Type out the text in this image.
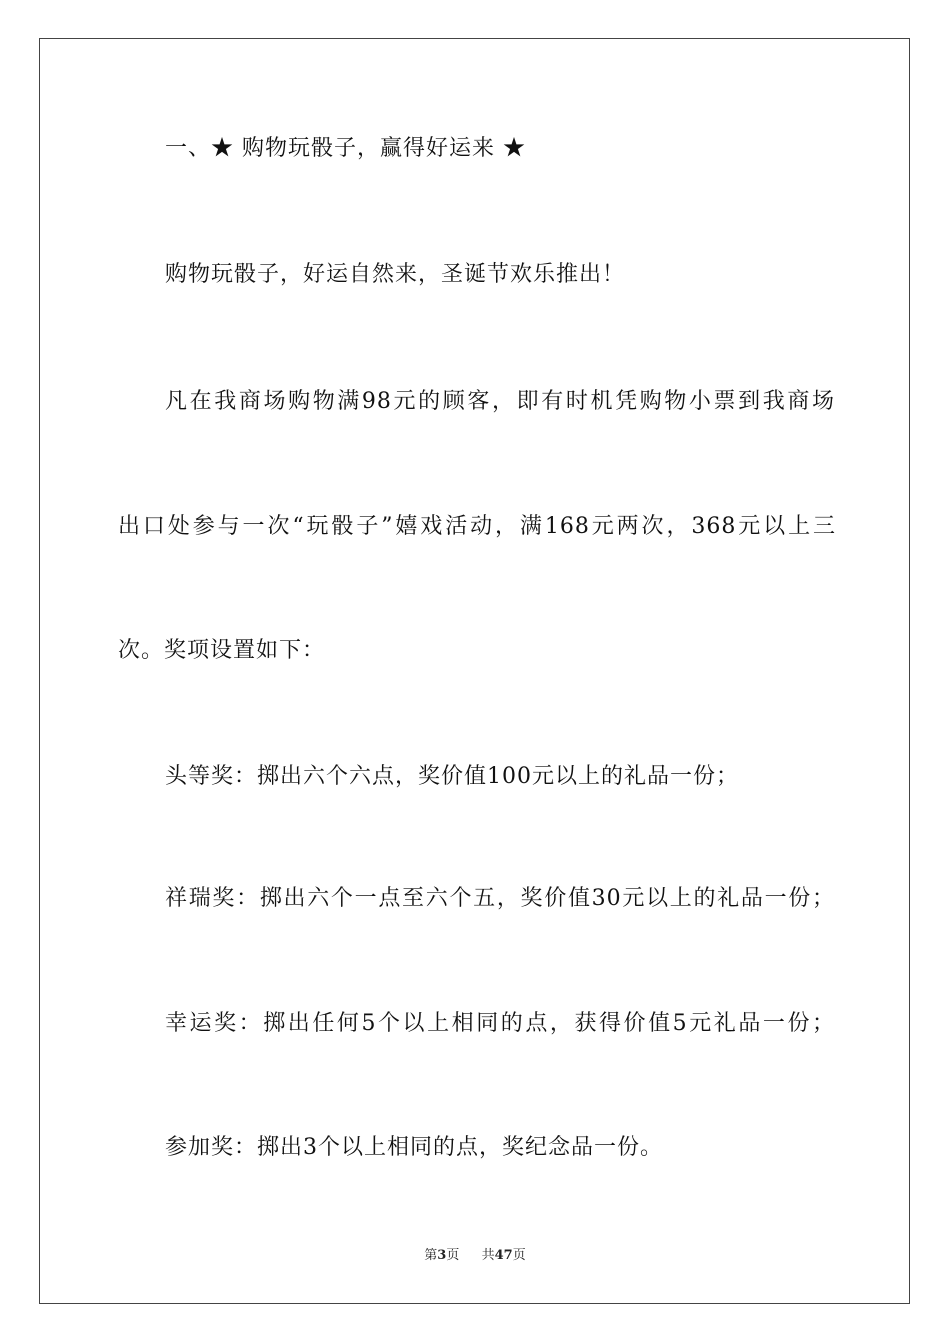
一、★ 购物玩骰子，赢得好运来 ★
购物玩骰子，好运自然来，圣诞节欢乐推出！
凡在我商场购物满98元的顾客，即有时机凭购物小票到我商场
出口处参与一次“玩骰子”嬉戏活动，满168元两次，368元以上三
次。奖项设置如下：
头等奖：掷出六个六点，奖价值100元以上的礼品一份；
祥瑞奖：掷出六个一点至六个五，奖价值30元以上的礼品一份；
幸运奖：掷出任何5个以上相同的点，获得价值5元礼品一份；
参加奖：掷出3个以上相同的点，奖纪念品一份。
第3页 共47页
